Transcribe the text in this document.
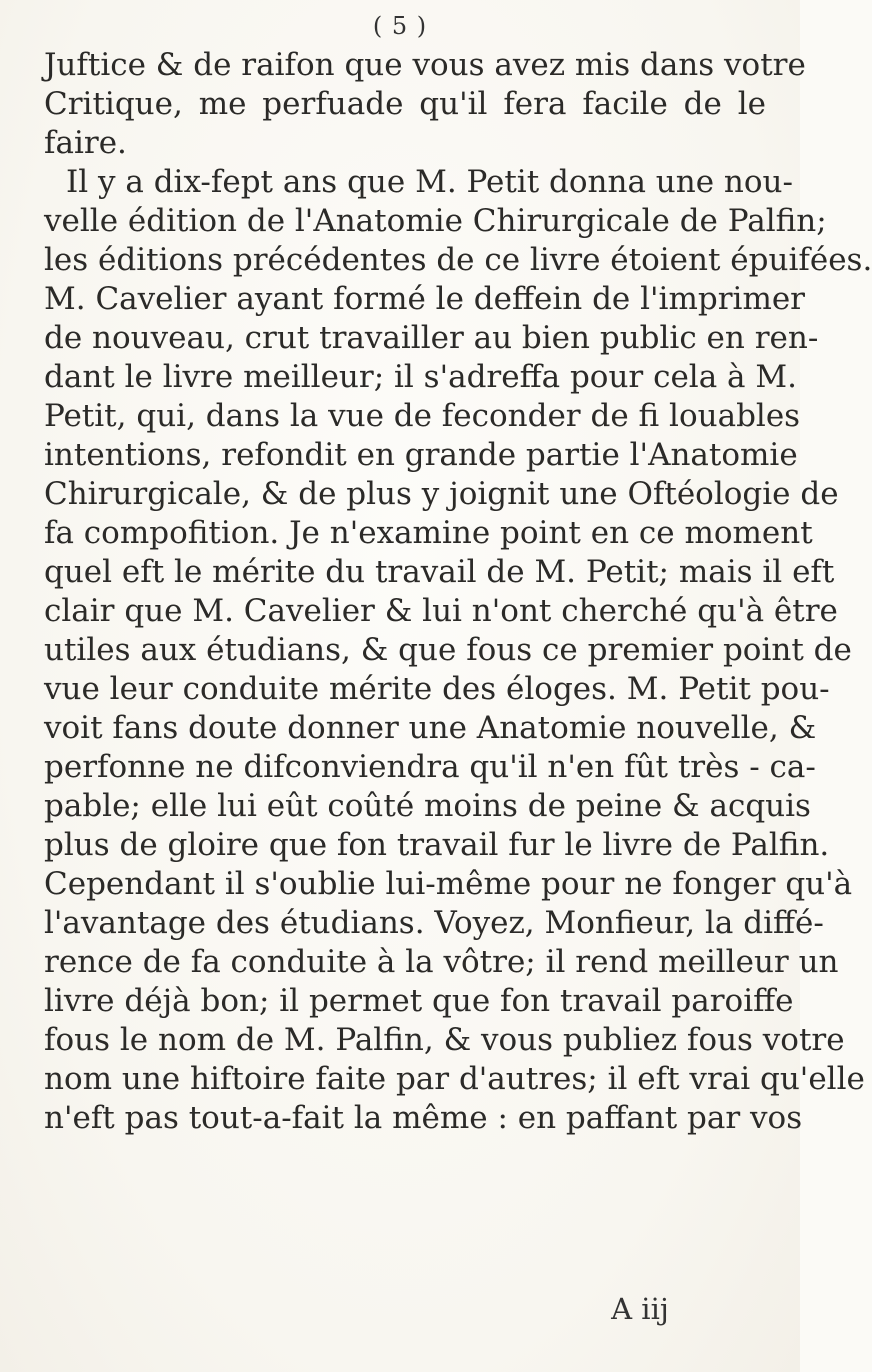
( 5 )
Juftice & de raifon que vous avez mis dans votre
Critique, me perfuade qu'il fera facile de le
faire.
Il y a dix-fept ans que M. Petit donna une nou-
velle édition de l'Anatomie Chirurgicale de Palfin;
les éditions précédentes de ce livre étoient épuifées.
M. Cavelier ayant formé le deffein de l'imprimer
de nouveau, crut travailler au bien public en ren-
dant le livre meilleur; il s'adreffa pour cela à M.
Petit, qui, dans la vue de feconder de fi louables
intentions, refondit en grande partie l'Anatomie
Chirurgicale, & de plus y joignit une Oftéologie de
fa compofition. Je n'examine point en ce moment
quel eft le mérite du travail de M. Petit; mais il eft
clair que M. Cavelier & lui n'ont cherché qu'à être
utiles aux étudians, & que fous ce premier point de
vue leur conduite mérite des éloges. M. Petit pou-
voit fans doute donner une Anatomie nouvelle, &
perfonne ne difconviendra qu'il n'en fût très - ca-
pable; elle lui eût coûté moins de peine & acquis
plus de gloire que fon travail fur le livre de Palfin.
Cependant il s'oublie lui-même pour ne fonger qu'à
l'avantage des étudians. Voyez, Monfieur, la diffé-
rence de fa conduite à la vôtre; il rend meilleur un
livre déjà bon; il permet que fon travail paroiffe
fous le nom de M. Palfin, & vous publiez fous votre
nom une hiftoire faite par d'autres; il eft vrai qu'elle
n'eft pas tout-a-fait la même : en paffant par vos
A iij
